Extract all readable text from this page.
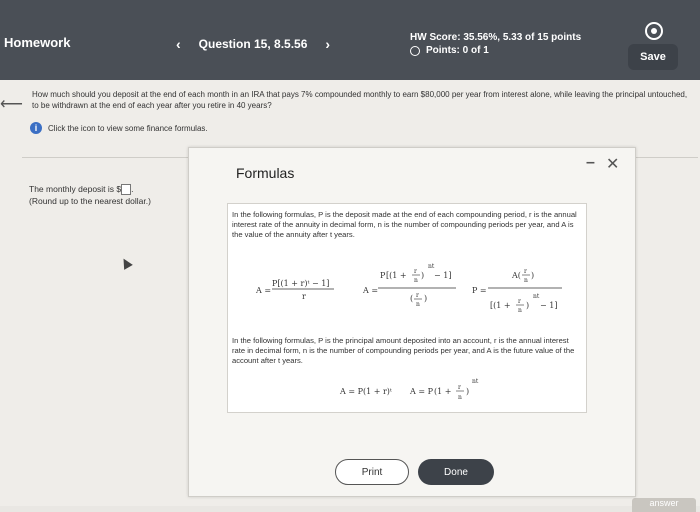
Homework	‹ Question 15, 8.5.56 ›	HW Score: 35.56%, 5.33 of 15 points
Points: 0 of 1
Save
⟵
How much should you deposit at the end of each month in an IRA that pays 7% compounded monthly to earn $80,000 per year from interest alone, while leaving the principal untouched, to be withdrawn at the end of each year after you retire in 40 years?
i	Click the icon to view some finance formulas.
The monthly deposit is $ .
(Round up to the nearest dollar.)
answer
Formulas
– ✕
In the following formulas, P is the deposit made at the end of each compounding period, r is the annual interest rate of the annuity in decimal form, n is the number of compounding periods per year, and A is the value of the annuity after t years.
A =
P[(1 + r)ᵗ − 1]
r
A =
P [(1 + r
n
)
nt
− 1]
( r
n
)
P =
A( r
n
)
[(1 + r
n
)
nt
− 1]
In the following formulas, P is the principal amount deposited into an account, r is the annual interest rate in decimal form, n is the number of compounding periods per year, and A is the future value of the account after t years.
A = P(1 + r)ᵗ A = P (1 + r
n
)
nt
Print	Done
